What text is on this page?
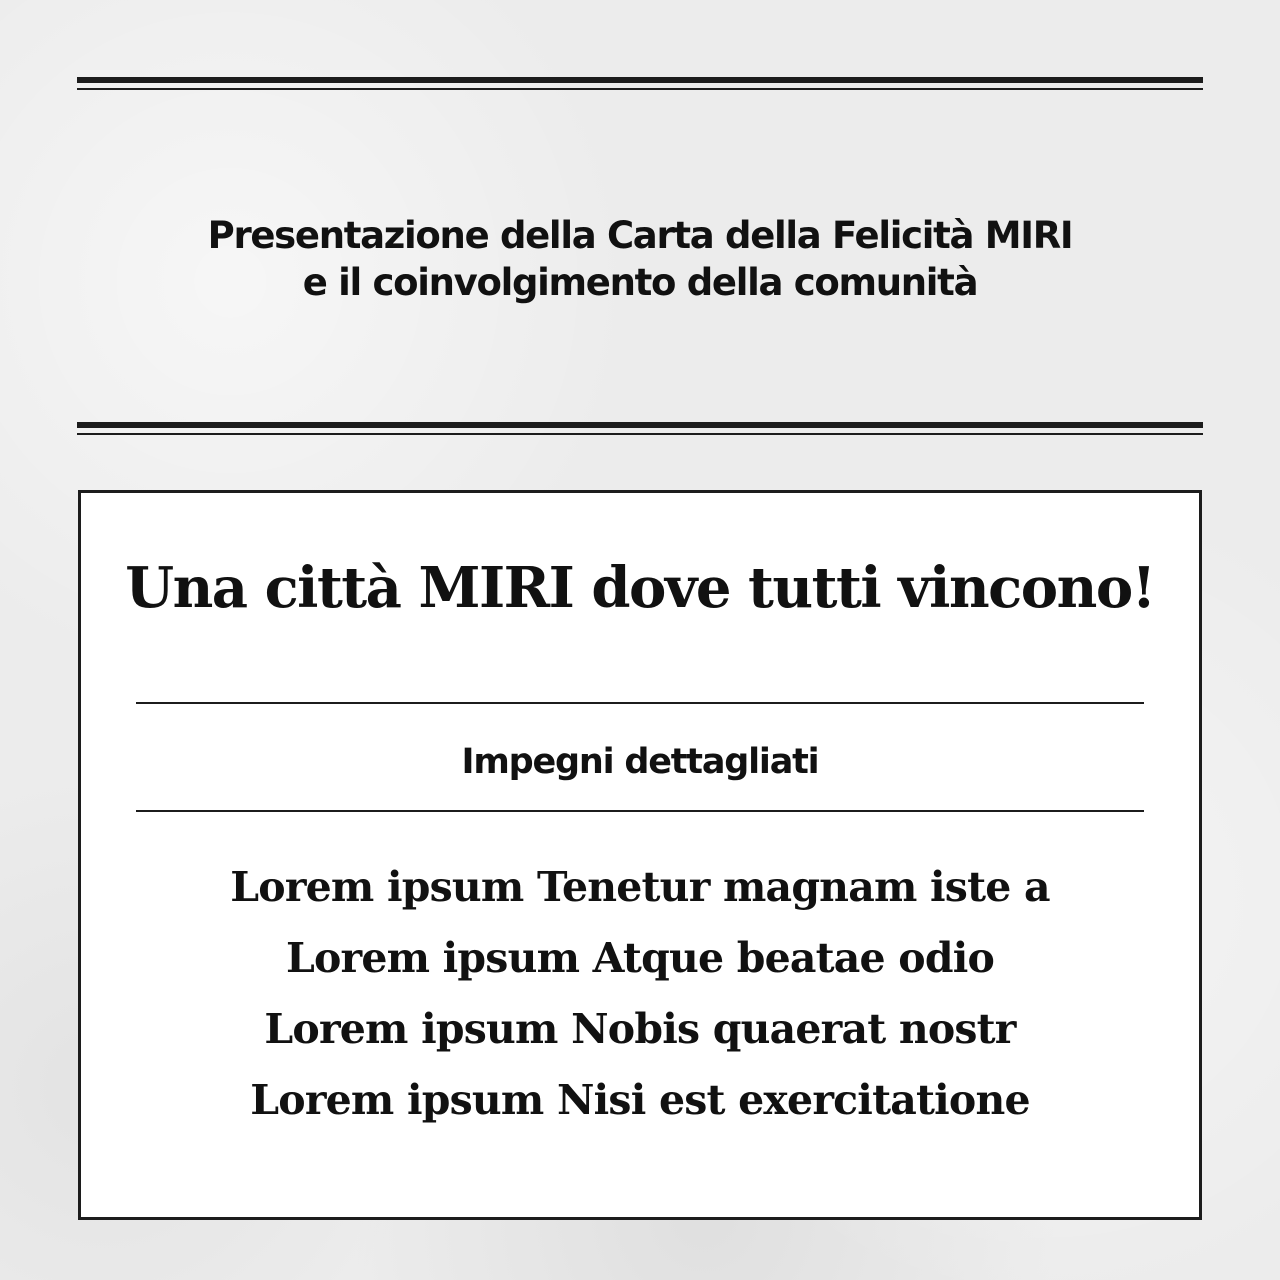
Presentazione della Carta della Felicità MIRI
e il coinvolgimento della comunità
Una città MIRI dove tutti vincono!
Impegni dettagliati
Lorem ipsum Tenetur magnam iste a
Lorem ipsum Atque beatae odio
Lorem ipsum Nobis quaerat nostr
Lorem ipsum Nisi est exercitatione
